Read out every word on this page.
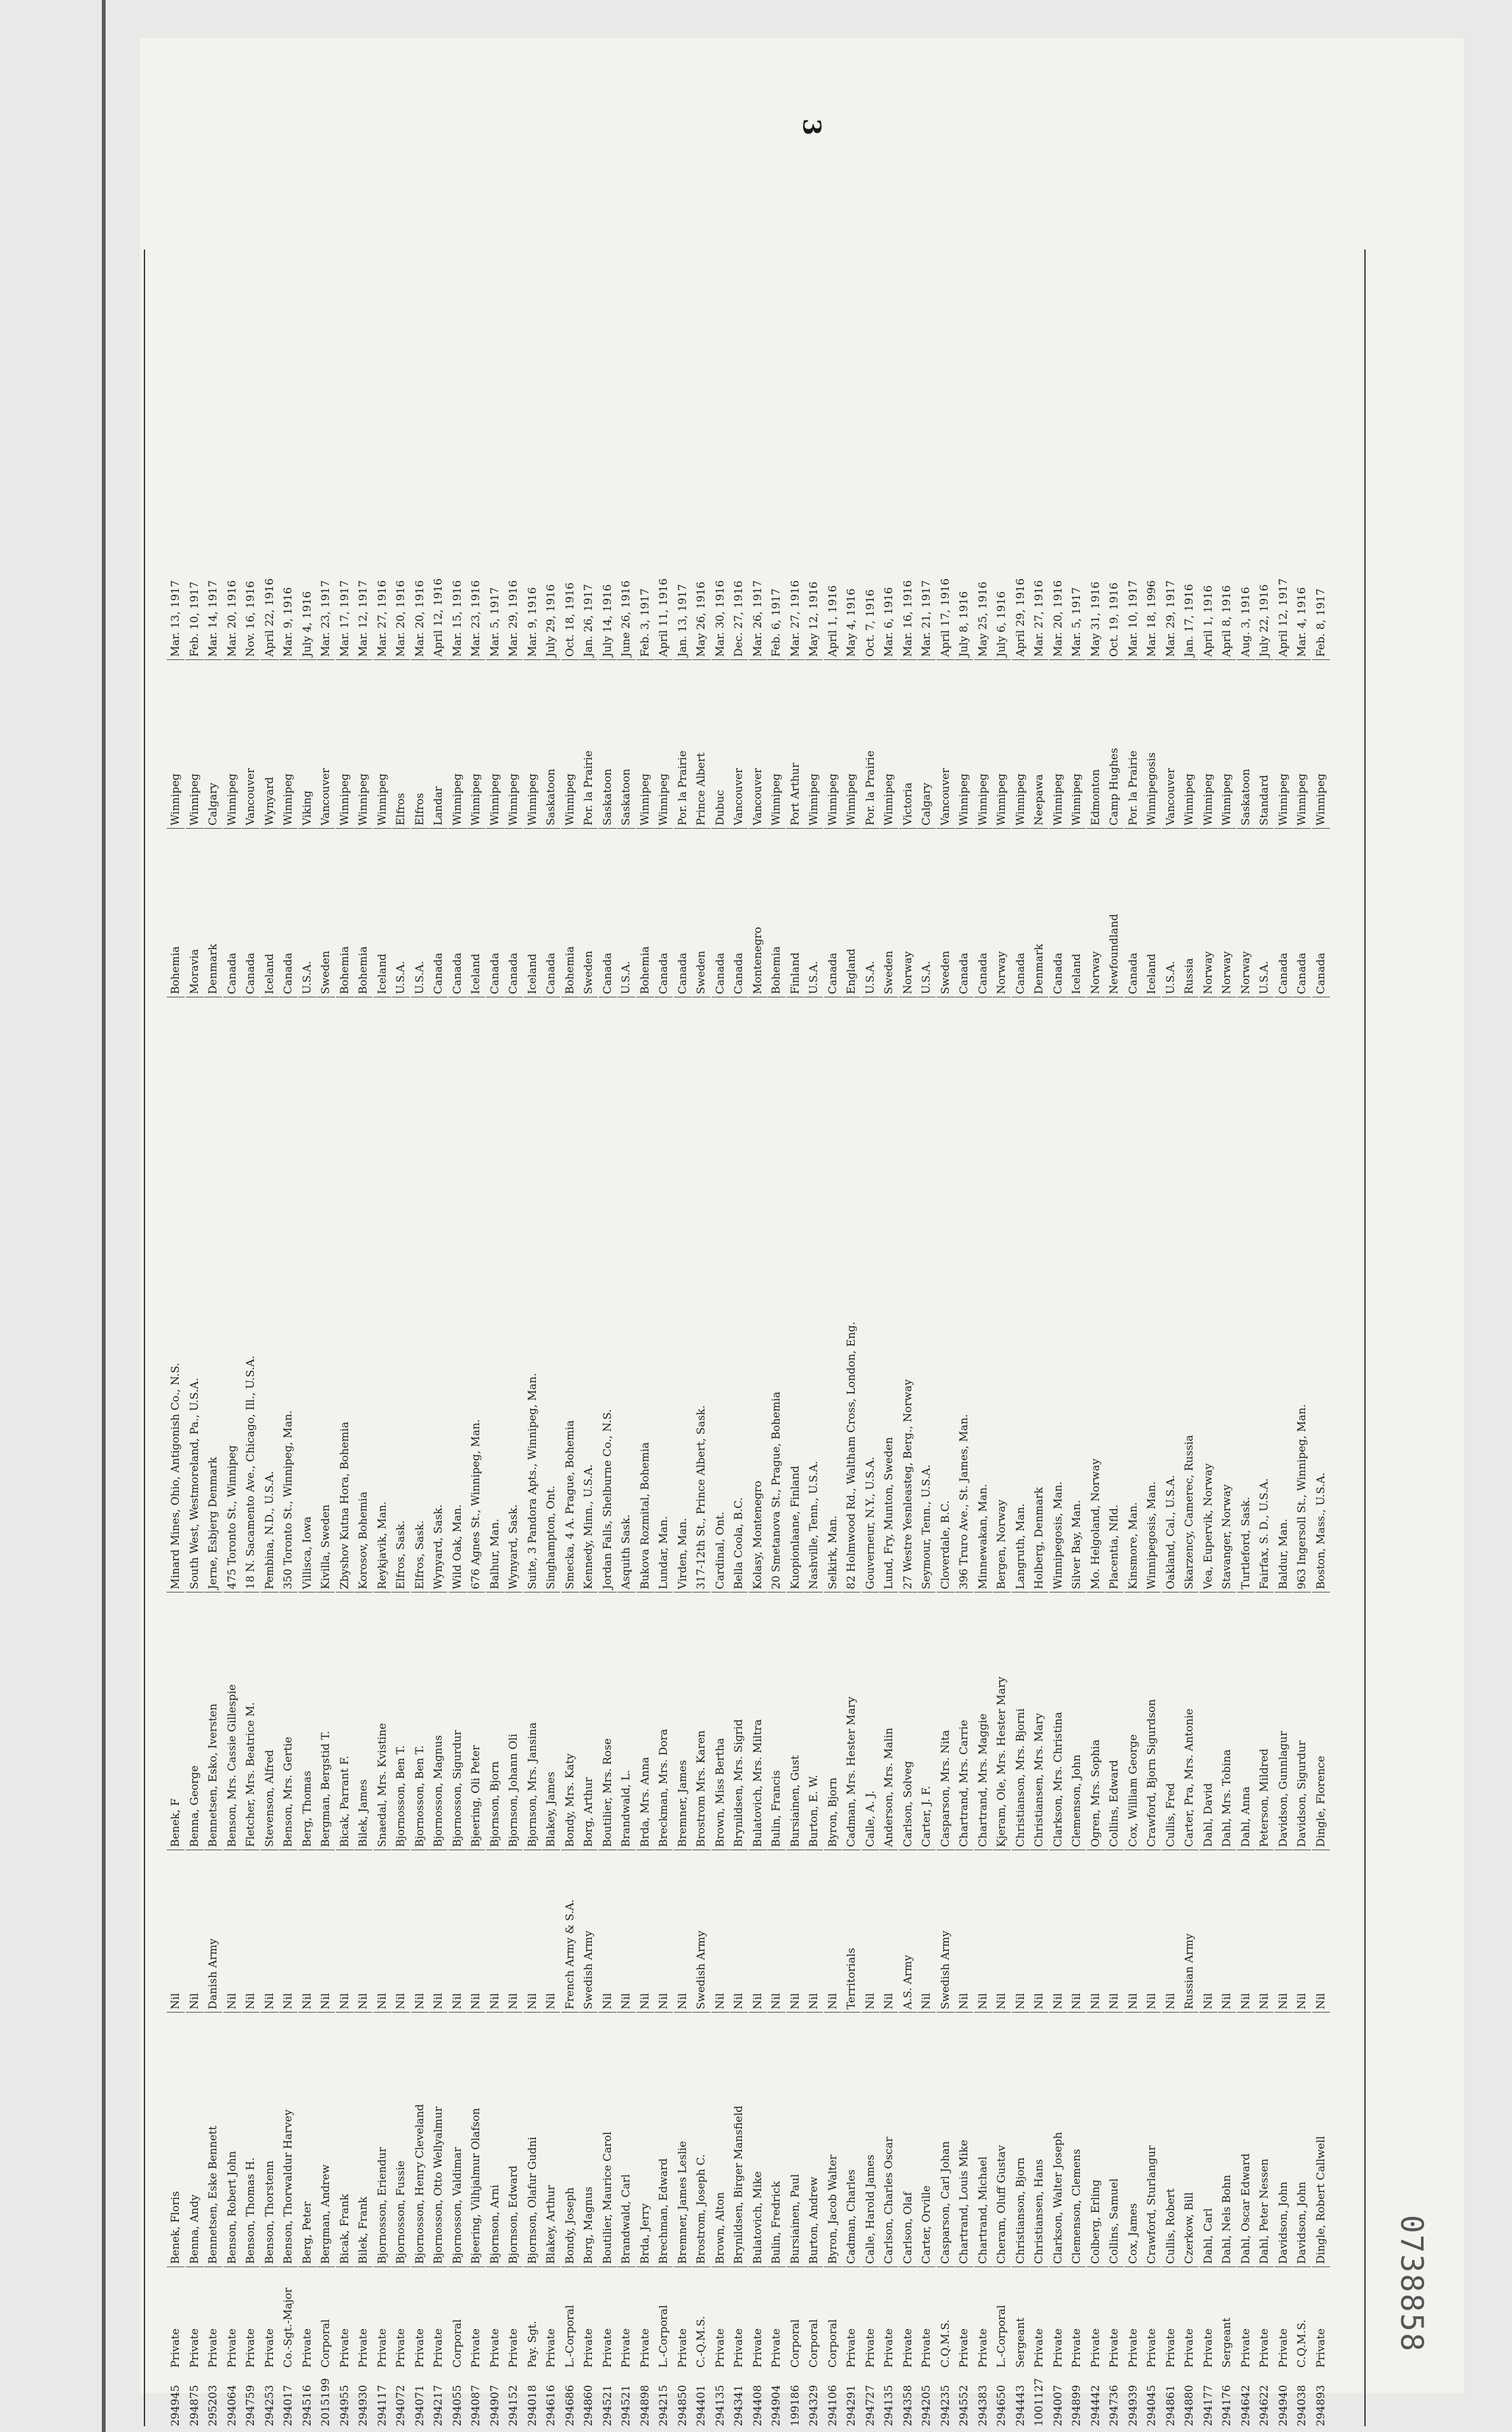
3
294945
Private
Benek, Floris
Nil
Benek, F
Minard Mines, Ohio, Antigonish Co., N.S.
Bohemia
Winnipeg
Mar. 13, 1917
294875
Private
Benna, Andy
Nil
Benna, George
South West, Westmoreland, Pa., U.S.A.
Moravia
Winnipeg
Feb. 10, 1917
295203
Private
Bennetsen, Eske Bennett
Danish Army
Bennetsen, Esko, Iversten
Jerne, Esbjerg Denmark
Denmark
Calgary
Mar. 14, 1917
294064
Private
Benson, Robert John
Nil
Benson, Mrs. Cassie Gillespie
475 Toronto St., Winnipeg
Canada
Winnipeg
Mar. 20, 1916
294759
Private
Benson, Thomas H.
Nil
Fletcher, Mrs. Beatrice M.
18 N. Sacamento Ave., Chicago, Ill., U.S.A.
Canada
Vancouver
Nov. 16, 1916
294253
Private
Benson, Thorstenn
Nil
Stevenson, Alfred
Pembina, N.D., U.S.A.
Iceland
Wynyard
April 22, 1916
294017
Co.-Sgt.-Major
Benson, Thorwaldur Harvey
Nil
Benson, Mrs. Gertie
350 Toronto St., Winnipeg, Man.
Canada
Winnipeg
Mar. 9, 1916
294516
Private
Berg, Peter
Nil
Berg, Thomas
Villisca, Iowa
U.S.A.
Viking
July 4, 1916
2015199
Corporal
Bergman, Andrew
Nil
Bergman, Bergstid T.
Kivilla, Sweden
Sweden
Vancouver
Mar. 23, 1917
294955
Private
Bicak, Frank
Nil
Bicak, Parrant F.
Zbyshov Kutna Hora, Bohemia
Bohemia
Winnipeg
Mar. 17, 1917
294930
Private
Bilek, Frank
Nil
Bilek, James
Korosov, Bohemia
Bohemia
Winnipeg
Mar. 12, 1917
294117
Private
Bjornosson, Eriendur
Nil
Snaedal, Mrs. Kvistine
Reykjavik, Man.
Iceland
Winnipeg
Mar. 27, 1916
294072
Private
Bjornosson, Fussie
Nil
Bjornosson, Ben T.
Elfros, Sask.
U.S.A.
Elfros
Mar. 20, 1916
294071
Private
Bjornosson, Henry Cleveland
Nil
Bjornosson, Ben T.
Elfros, Sask.
U.S.A.
Elfros
Mar. 20, 1916
294217
Private
Bjornosson, Otto Wellyalmur
Nil
Bjornosson, Magnus
Wynyard, Sask.
Canada
Landar
April 12, 1916
294055
Corporal
Bjornosson, Valdimar
Nil
Bjornosson, Sigurdur
Wild Oak, Man.
Canada
Winnipeg
Mar. 15, 1916
294087
Private
Bjeering, Vilhjalmur Olafson
Nil
Bjeering, Oli Peter
676 Agnes St., Winnipeg, Man.
Iceland
Winnipeg
Mar. 23, 1916
294907
Private
Bjornson, Arni
Nil
Bjornson, Bjorn
Balhur, Man.
Canada
Winnipeg
Mar. 5, 1917
294152
Private
Bjornson, Edward
Nil
Bjornson, Johann Oli
Wynyard, Sask.
Canada
Winnipeg
Mar. 29, 1916
294018
Pay. Sgt.
Bjornson, Olafur Gudni
Nil
Bjornson, Mrs. Jansina
Suite, 3 Pandora Apts., Winnipeg, Man.
Iceland
Winnipeg
Mar. 9, 1916
294616
Private
Blakey, Arthur
Nil
Blakey, James
Singhampton, Ont.
Canada
Saskatoon
July 29, 1916
294686
L.-Corporal
Bondy, Joseph
French Army & S.A.
Bondy, Mrs. Katy
Smecka, 4 A. Prague, Bohemia
Bohemia
Winnipeg
Oct. 18, 1916
294860
Private
Borg, Magnus
Swedish Army
Borg, Arthur
Kennedy, Minn., U.S.A.
Sweden
Por. la Prairie
Jan. 26, 1917
294521
Private
Boutilier, Maurice Carol
Nil
Boutilier, Mrs. Rose
Jordan Falls, Shelburne Co., N.S.
Canada
Saskatoon
July 14, 1916
294521
Private
Brandwald, Carl
Nil
Brandwald, L.
Asquith Sask.
U.S.A.
Saskatoon
June 26, 1916
294898
Private
Brda, Jerry
Nil
Brda, Mrs. Anna
Bukova Rozmital, Bohemia
Bohemia
Winnipeg
Feb. 3, 1917
294215
L.-Corporal
Brechman, Edward
Nil
Breckman, Mrs. Dora
Lundar, Man.
Canada
Winnipeg
April 11, 1916
294850
Private
Bremner, James Leslie
Nil
Bremner, James
Virden, Man.
Canada
Por. la Prairie
Jan. 13, 1917
294401
C.-Q.M.S.
Brostrom, Joseph C.
Swedish Army
Brostrom Mrs. Karen
317-12th St., Prince Albert, Sask.
Sweden
Prince Albert
May 26, 1916
294135
Private
Brown, Alton
Nil
Brown, Miss Bertha
Cardinal, Ont.
Canada
Dubuc
Mar. 30, 1916
294341
Private
Brynildsen, Birger Mansfield
Nil
Brynildsen, Mrs. Sigrid
Bella Coola, B.C.
Canada
Vancouver
Dec. 27, 1916
294408
Private
Bulatovich, Mike
Nil
Bulatovich, Mrs. Miltra
Kolasy, Montenegro
Montenegro
Vancouver
Mar. 26, 1917
294904
Private
Bulin, Fredrick
Nil
Bulin, Francis
20 Smetanova St., Prague, Bohemia
Bohemia
Winnipeg
Feb. 6, 1917
199186
Corporal
Bursiainen, Paul
Nil
Bursiainen, Gust
Kuopionlaane, Finland
Finland
Port Arthur
Mar. 27, 1916
294329
Corporal
Burton, Andrew
Nil
Burton, E. W.
Nashville, Tenn., U.S.A.
U.S.A.
Winnipeg
May 12, 1916
294106
Corporal
Byron, Jacob Walter
Nil
Byron, Bjorn
Selkirk, Man.
Canada
Winnipeg
April 1, 1916
294291
Private
Cadman, Charles
Territorials
Cadman, Mrs. Hester Mary
82 Holmwood Rd., Waltham Cross, London, Eng.
England
Winnipeg
May 4, 1916
294727
Private
Calle, Harold James
Nil
Calle, A. J.
Gouverneur, N.Y., U.S.A.
U.S.A.
Por. la Prairie
Oct. 7, 1916
294135
Private
Carlson, Charles Oscar
Nil
Anderson, Mrs. Malin
Lund, Fry, Munton, Sweden
Sweden
Winnipeg
Mar. 6, 1916
294358
Private
Carlson, Olaf
A.S. Army
Carlson, Solveg
27 Westre Yesnleasteg, Berg., Norway
Norway
Victoria
Mar. 16, 1916
294205
Private
Carter, Orville
Nil
Carter, J. F.
Seymour, Tenn., U.S.A.
U.S.A.
Calgary
Mar. 21, 1917
294235
C.Q.M.S.
Casparson, Carl Johan
Swedish Army
Casparson, Mrs. Nita
Cloverdale, B.C.
Sweden
Vancouver
April 17, 1916
294552
Private
Chartrand, Louis Mike
Nil
Chartrand, Mrs. Carrie
396 Truro Ave., St. James, Man.
Canada
Winnipeg
July 8, 1916
294383
Private
Chartrand, Michael
Nil
Chartrand, Mrs. Maggie
Minnewakan, Man.
Canada
Winnipeg
May 25, 1916
294650
L.-Corporal
Cheram, Oluff Gustav
Nil
Kjeram, Ole, Mrs. Hester Mary
Bergen, Norway
Norway
Winnipeg
July 6, 1916
294443
Sergeant
Christianson, Bjorn
Nil
Christianson, Mrs. Bjorni
Langruth, Man.
Canada
Winnipeg
April 29, 1916
1001127
Private
Christiansen, Hans
Nil
Christiansen, Mrs. Mary
Holberg, Denmark
Denmark
Neepawa
Mar. 27, 1916
294007
Private
Clarkson, Walter Joseph
Nil
Clarkson, Mrs. Christina
Winnipegosis, Man.
Canada
Winnipeg
Mar. 20, 1916
294899
Private
Clemenson, Clemens
Nil
Clemenson, John
Silver Bay, Man.
Iceland
Winnipeg
Mar. 5, 1917
294442
Private
Colberg, Erling
Nil
Ogren, Mrs. Sophia
Mo. Helgoland, Norway
Norway
Edmonton
May 31, 1916
294736
Private
Collins, Samuel
Nil
Collins, Edward
Placentia, Nfld.
Newfoundland
Camp Hughes
Oct. 19, 1916
294939
Private
Cox, James
Nil
Cox, William George
Kinsmore, Man.
Canada
Por. la Prairie
Mar. 10, 1917
294045
Private
Crawford, Sturlangur
Nil
Crawford, Bjorn Sigurdson
Winnipegosis, Man.
Iceland
Winnipegosis
Mar. 18, 1996
294861
Private
Cullis, Robert
Nil
Cullis, Fred
Oakland, Cal., U.S.A.
U.S.A.
Vancouver
Mar. 29, 1917
294880
Private
Czerkow, Bill
Russian Army
Carter, Pra, Mrs. Antonie
Skarzency, Camerec, Russia
Russia
Winnipeg
Jan. 17, 1916
294177
Private
Dahl, Carl
Nil
Dahl, David
Vea, Eupervik, Norway
Norway
Winnipeg
April 1, 1916
294176
Sergeant
Dahl, Nels Bohn
Nil
Dahl, Mrs. Tobina
Stavanger, Norway
Norway
Winnipeg
April 8, 1916
294642
Private
Dahl, Oscar Edward
Nil
Dahl, Anna
Turtleford, Sask.
Norway
Saskatoon
Aug. 3, 1916
294622
Private
Dahl, Peter Nessen
Nil
Peterson, Mildred
Fairfax, S. D., U.S.A.
U.S.A.
Standard
July 22, 1916
294940
Private
Davidson, John
Nil
Davidson, Gunnlagur
Baldur, Man.
Canada
Winnipeg
April 12, 1917
294038
C.Q.M.S.
Davidson, John
Nil
Davidson, Sigurdur
963 Ingersoll St., Winnipeg, Man.
Canada
Winnipeg
Mar. 4, 1916
294893
Private
Dingle, Robert Callwell
Nil
Dingle, Florence
Boston, Mass., U.S.A.
Canada
Winnipeg
Feb. 8, 1917
0738858
